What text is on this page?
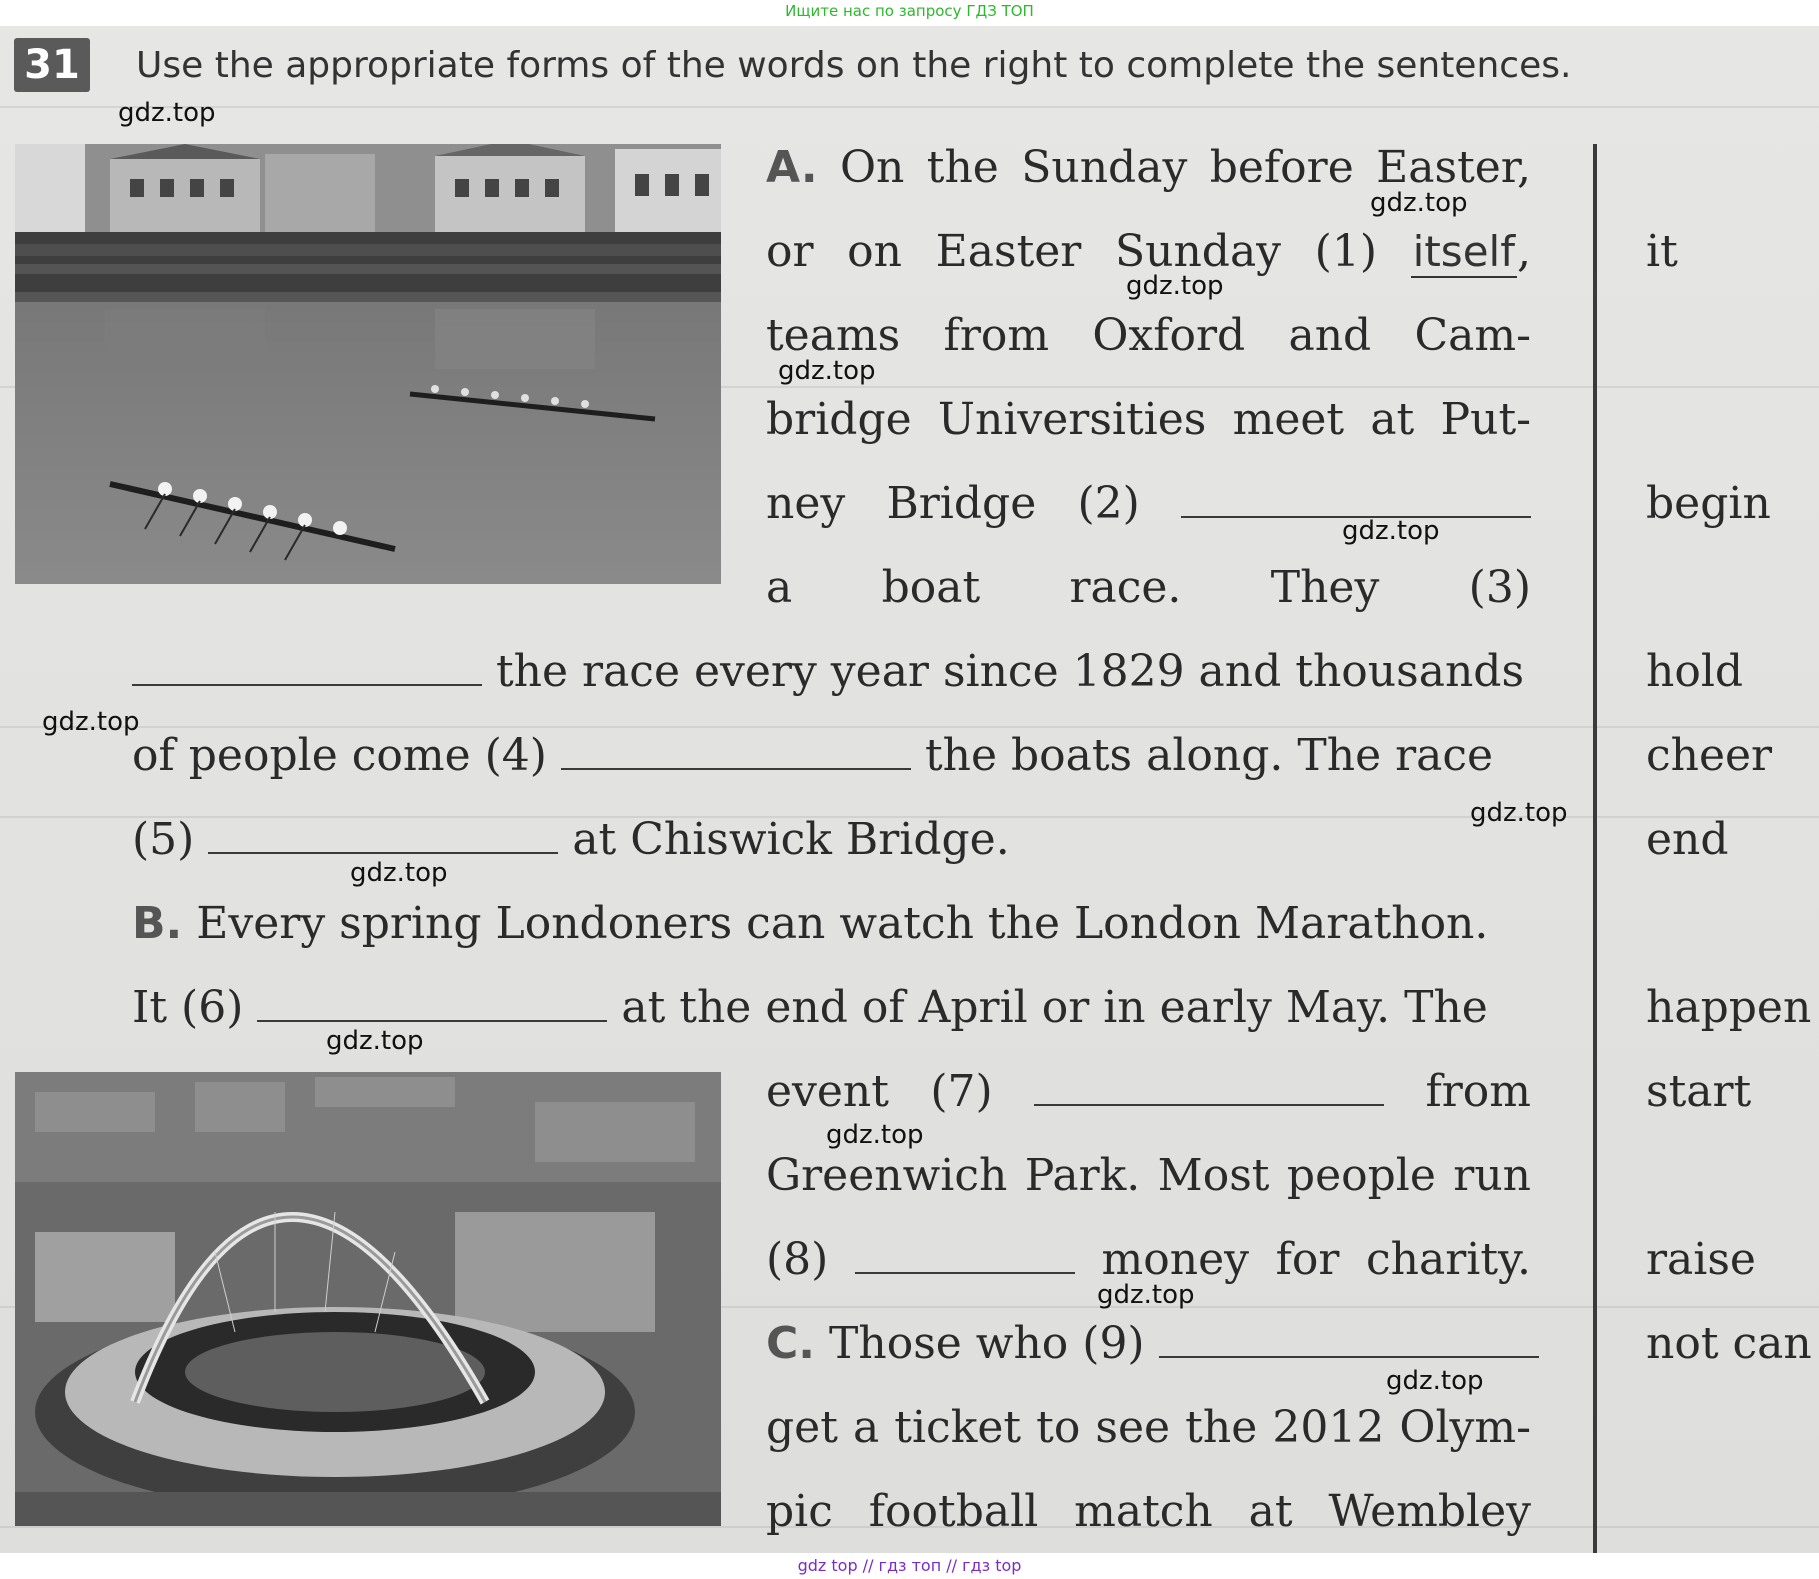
Ищите нас по запросу ГДЗ ТОП
31 Use the appropriate forms of the words on the right to complete the sentences.
A. On the Sunday before Easter,
or on Easter Sunday (1) itself,
teams from Oxford and Cam-
bridge Universities meet at Put-
ney Bridge (2)
a boat race. They (3)
the race every year since 1829 and thousands
of people come (4)	the boats along. The race
(5)	at Chiswick Bridge.
B. Every spring Londoners can watch the London Marathon.
It (6)	at the end of April or in early May. The
event (7)	from
Greenwich Park. Most people run
(8)	money for charity.
C. Those who (9)
get a ticket to see the 2012 Olym-
pic football match at Wembley
it
begin
hold
cheer
end
happen
start
raise
not can
gdz.top
gdz.top
gdz.top
gdz.top
gdz.top
gdz.top
gdz.top
gdz.top
gdz.top
gdz.top
gdz.top
gdz.top
gdz top // гдз топ // гдз top
